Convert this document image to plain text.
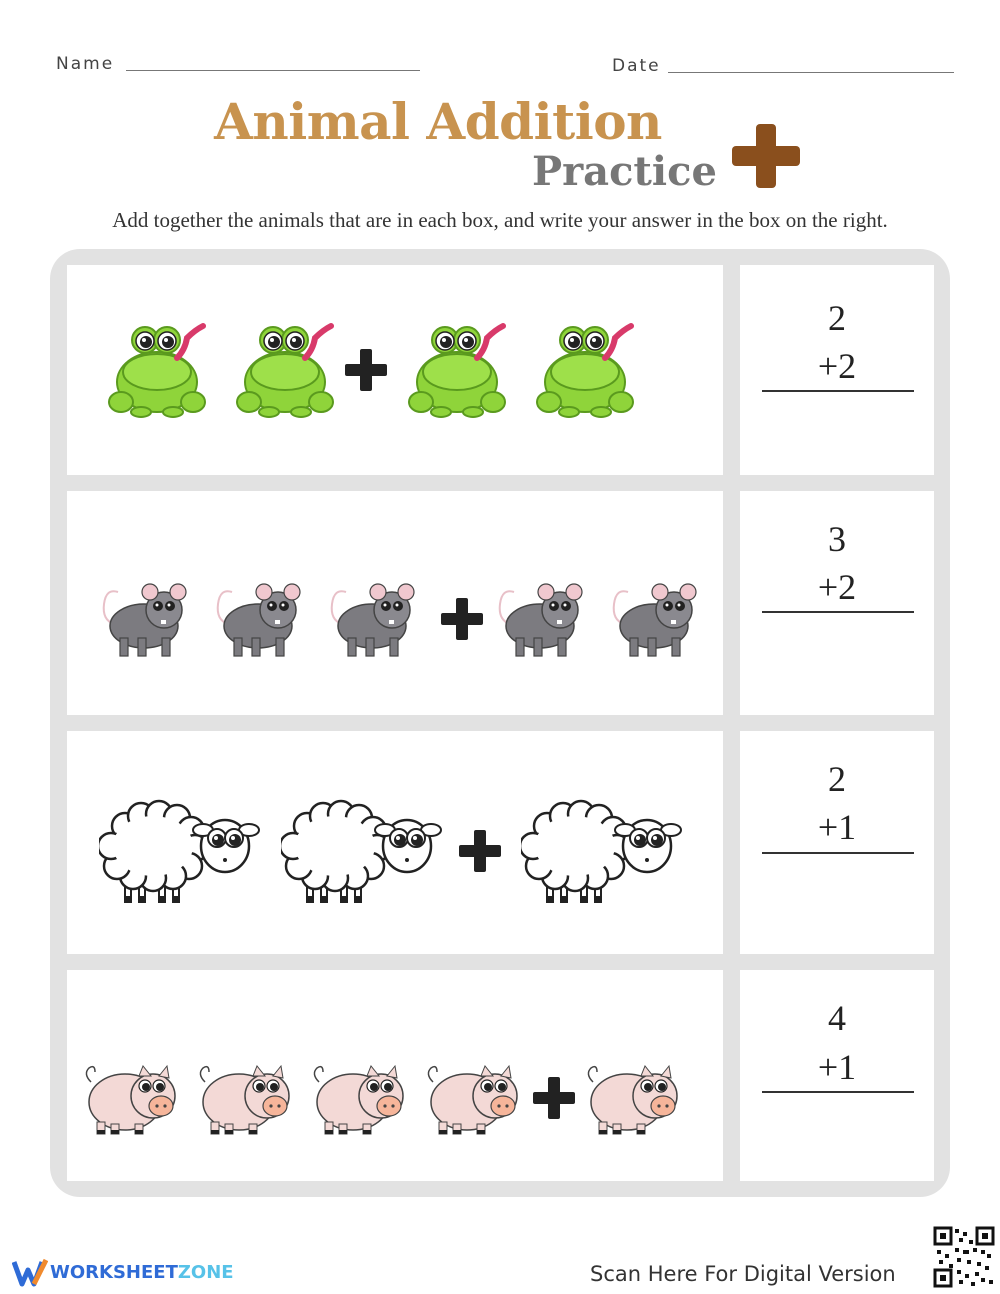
Name	Date
Animal Addition
Practice
Add together the animals that are in each box, and write your answer in the box on the right.
2
+2
3
+2
2
+1
4
+1
WORKSHEETZONE	Scan Here For Digital Version
